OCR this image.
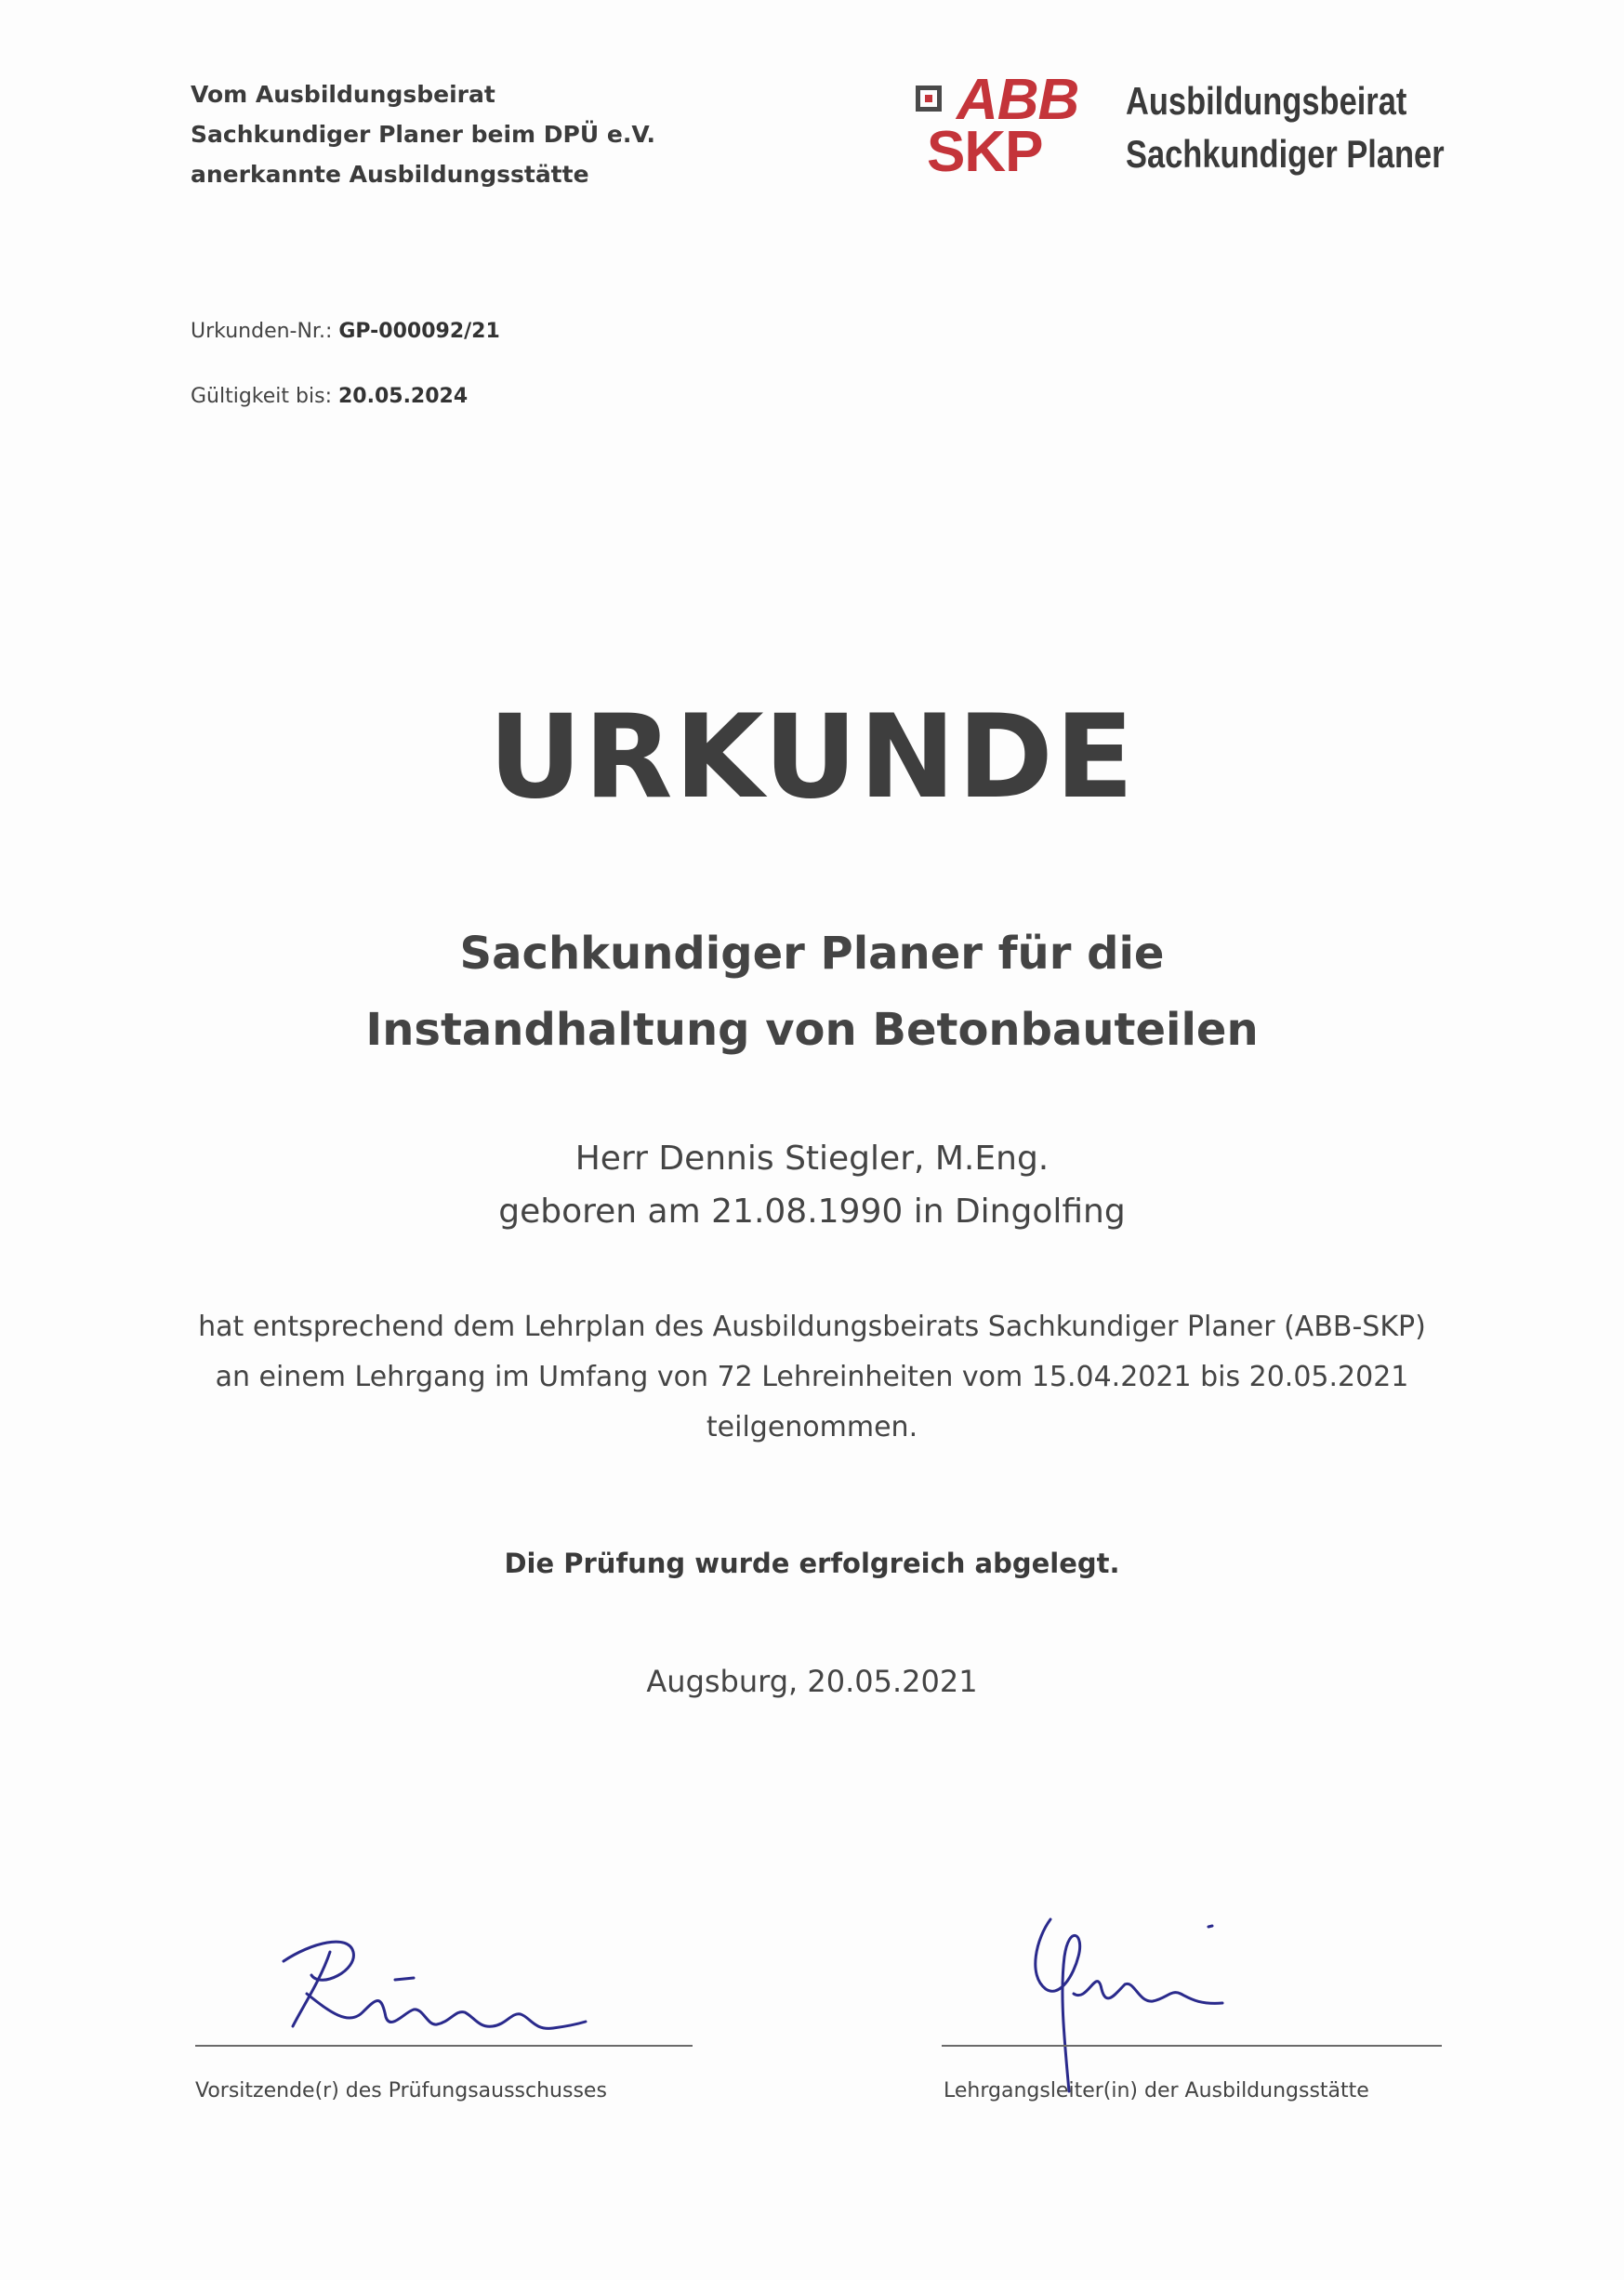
Vom Ausbildungsbeirat
Sachkundiger Planer beim DPÜ e.V.
anerkannte Ausbildungsstätte
ABB
SKP
Ausbildungsbeirat
Sachkundiger Planer
Urkunden-Nr.: GP-000092/21
Gültigkeit bis: 20.05.2024
URKUNDE
Sachkundiger Planer für die
Instandhaltung von Betonbauteilen
Herr Dennis Stiegler, M.Eng.
geboren am 21.08.1990 in Dingolfing
hat entsprechend dem Lehrplan des Ausbildungsbeirats Sachkundiger Planer (ABB-SKP)
an einem Lehrgang im Umfang von 72 Lehreinheiten vom 15.04.2021 bis 20.05.2021
teilgenommen.
Die Prüfung wurde erfolgreich abgelegt.
Augsburg, 20.05.2021
Vorsitzende(r) des Prüfungsausschusses	Lehrgangsleiter(in) der Ausbildungsstätte
